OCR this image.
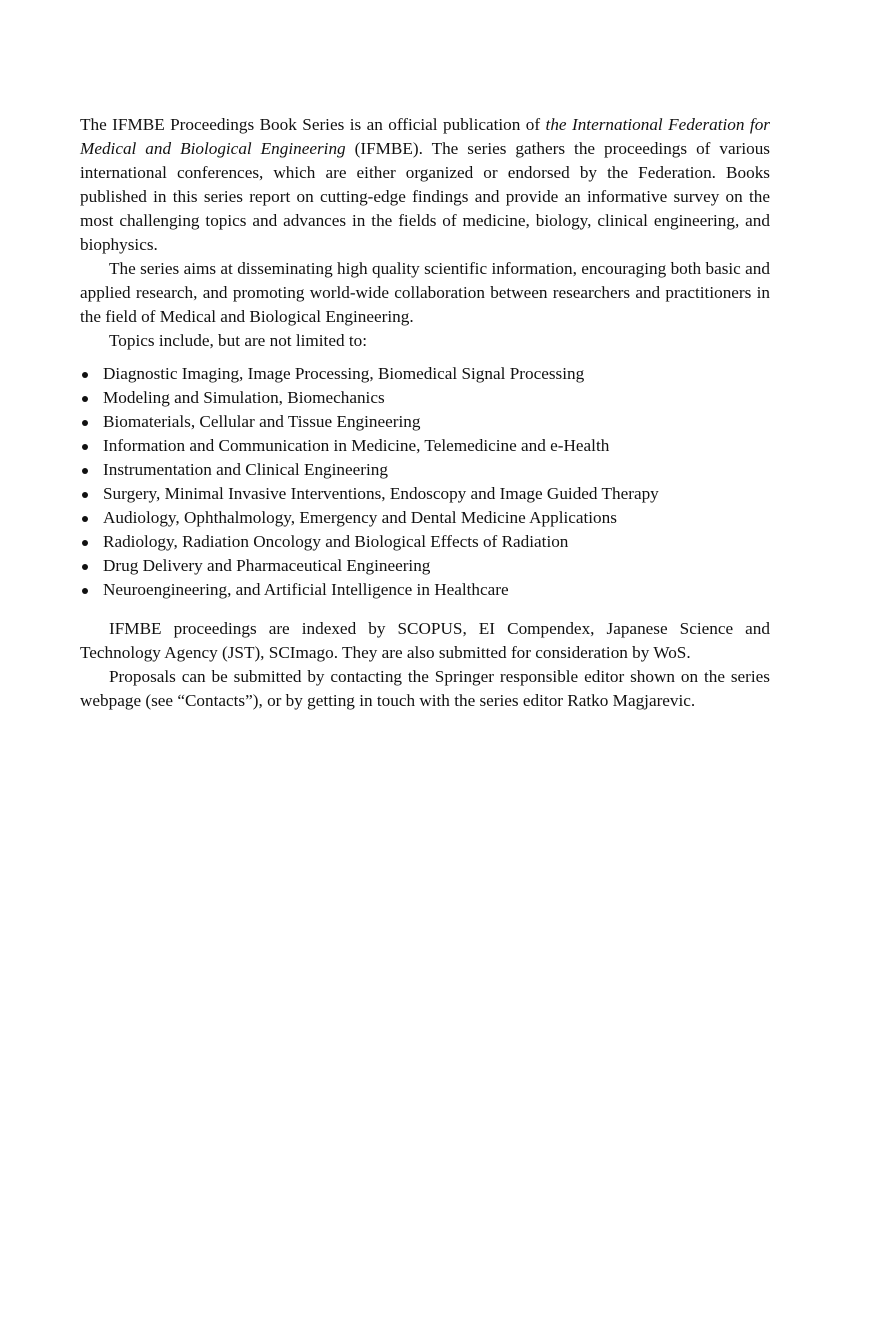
The IFMBE Proceedings Book Series is an official publication of the International Federation for Medical and Biological Engineering (IFMBE). The series gathers the proceedings of various international conferences, which are either organized or endorsed by the Federation. Books published in this series report on cutting-edge findings and provide an informative survey on the most challenging topics and advances in the fields of medicine, biology, clinical engineering, and biophysics.

The series aims at disseminating high quality scientific information, encouraging both basic and applied research, and promoting world-wide collaboration between researchers and practitioners in the field of Medical and Biological Engineering.

Topics include, but are not limited to:

Diagnostic Imaging, Image Processing, Biomedical Signal Processing
Modeling and Simulation, Biomechanics
Biomaterials, Cellular and Tissue Engineering
Information and Communication in Medicine, Telemedicine and e-Health
Instrumentation and Clinical Engineering
Surgery, Minimal Invasive Interventions, Endoscopy and Image Guided Therapy
Audiology, Ophthalmology, Emergency and Dental Medicine Applications
Radiology, Radiation Oncology and Biological Effects of Radiation
Drug Delivery and Pharmaceutical Engineering
Neuroengineering, and Artificial Intelligence in Healthcare

IFMBE proceedings are indexed by SCOPUS, EI Compendex, Japanese Science and Technology Agency (JST), SCImago. They are also submitted for consideration by WoS.

Proposals can be submitted by contacting the Springer responsible editor shown on the series webpage (see “Contacts”), or by getting in touch with the series editor Ratko Magjarevic.
